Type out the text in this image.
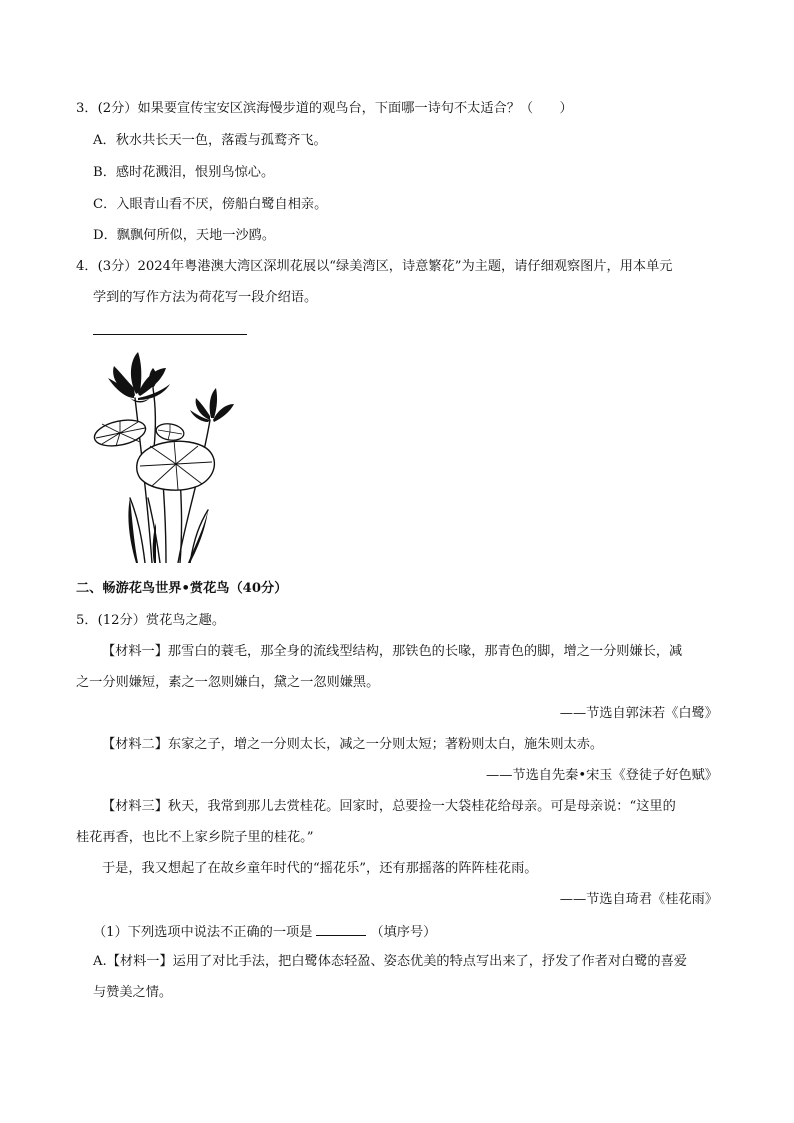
3．(2分）如果要宣传宝安区滨海慢步道的观鸟台，下面哪一诗句不太适合？（　　）
A．秋水共长天一色，落霞与孤鹜齐飞。
B．感时花溅泪，恨别鸟惊心。
C．入眼青山看不厌，傍船白鹭自相亲。
D．飘飘何所似，天地一沙鸥。
4．(3分）2024年粤港澳大湾区深圳花展以“绿美湾区，诗意繁花”为主题，请仔细观察图片，用本单元
学到的写作方法为荷花写一段介绍语。
二、畅游花鸟世界•赏花鸟（40分）
5．(12分）赏花鸟之趣。
【材料一】那雪白的蓑毛，那全身的流线型结构，那铁色的长喙，那青色的脚，增之一分则嫌长，减
之一分则嫌短，素之一忽则嫌白，黛之一忽则嫌黑。
——节选自郭沫若《白鹭》
【材料二】东家之子，增之一分则太长，减之一分则太短；著粉则太白，施朱则太赤。
——节选自先秦•宋玉《登徒子好色赋》
【材料三】秋天，我常到那儿去赏桂花。回家时，总要捡一大袋桂花给母亲。可是母亲说：“这里的
桂花再香，也比不上家乡院子里的桂花。”
于是，我又想起了在故乡童年时代的“摇花乐”，还有那摇落的阵阵桂花雨。
——节选自琦君《桂花雨》
（1）下列选项中说法不正确的一项是	（填序号）
A.【材料一】运用了对比手法，把白鹭体态轻盈、姿态优美的特点写出来了，抒发了作者对白鹭的喜爱
与赞美之情。
